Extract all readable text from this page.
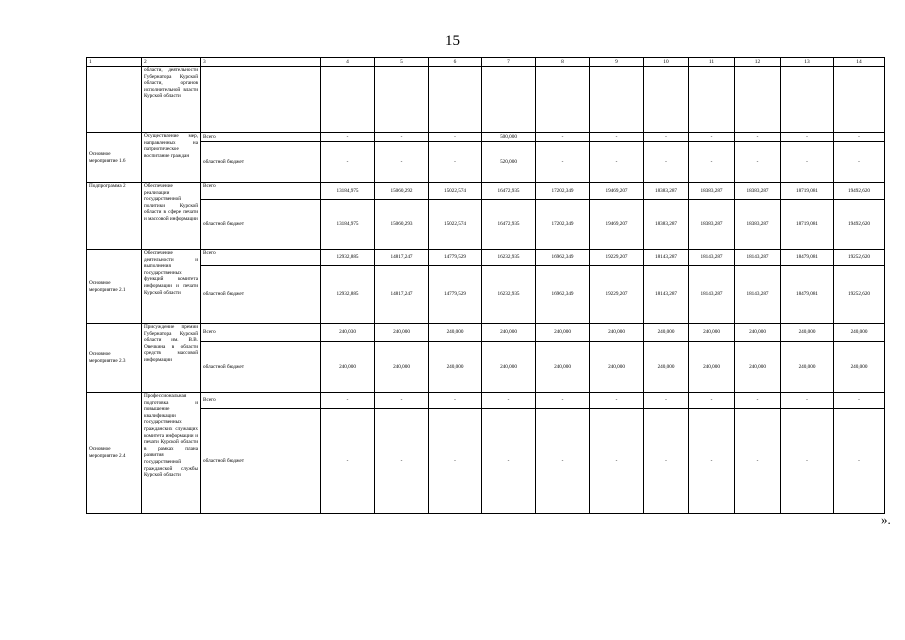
15
1	2	3	4	5	6	7	8	9	10	11	12	13	14
	области, деятельности Губернатора Курской области, органов исполнительной власти Курской области												
Основное мероприятие 1.6	Осуществление мер, направленных на патриотическое воспитание граждан	Всего	-	-	-	500,000	-	-	-	-	-	-	-
		областной бюджет	-	-	-	520,000	-	-	-	-	-	-	-
Подпрограмма 2	Обеспечение реализации государственной политики Курской области в сфере печати и массовой информации	Всего	13184,975	15060,292	15022,574	16472,935	17202,349	19469,207	18383,287	18383,287	18383,287	18719,081	19492,620
		областной бюджет	13184,975	15060,293	15022,574	16472,935	17202,349	19469,207	18383,287	18383,287	18383,287	18719,081	19492,620
Основное мероприятие 2.1	Обеспечение деятельности и выполнения государственных функций комитета информации и печати Курской области	Всего	12932,885	14817,247	14779,529	16232,935	16962,349	19229,207	18143,287	18143,287	18143,287	18479,081	19252,620
		областной бюджет	12932,885	14817,247	14779,529	16232,935	16962,349	19229,207	18143,287	18143,287	18143,287	18479,081	19252,620
Основное мероприятие 2.3	Присуждение премии Губернатора Курской области им. В.В. Овечкина в области средств массовой информации	Всего	240,030	240,000	240,000	240,000	240,000	240,000	240,000	240,000	240,000	240,000	240,000
		областной бюджет	240,000	240,000	240,000	240,000	240,000	240,000	240,000	240,000	240,000	240,000	240,000
Основное мероприятие 2.4	Профессиональная подготовка и повышение квалификации государственных гражданских служащих комитета информации и печати Курской области в рамках плана развития государственной гражданской службы Курской области	Всего	-	-	-	-	-	-	-	-	-	-	-
		областной бюджет	-	-	-	-	-	-	-	-	-	-	-
».
